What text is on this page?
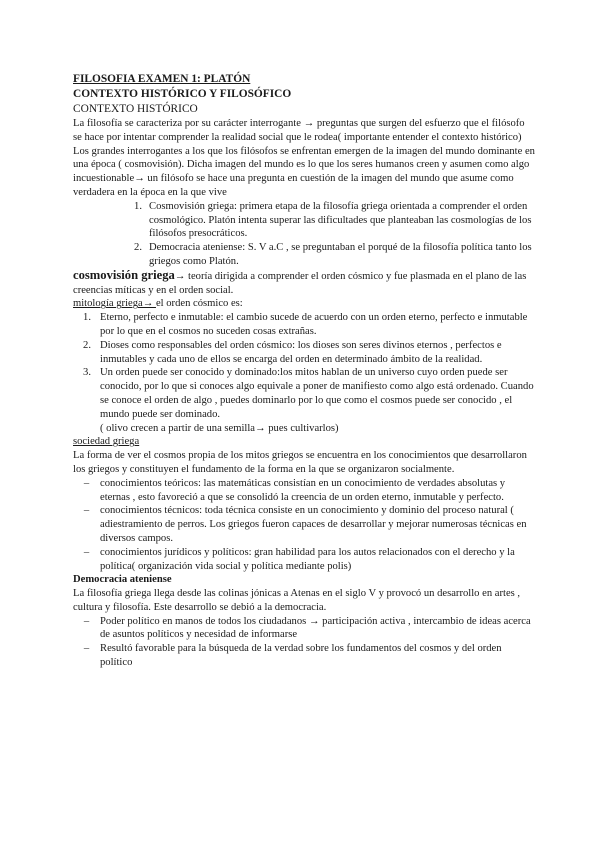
FILOSOFIA EXAMEN 1: PLATÓN

CONTEXTO HISTÓRICO Y FILOSÓFICO

CONTEXTO HISTÓRICO

La filosofía se caracteriza por su carácter interrogante → preguntas que surgen del esfuerzo que el filósofo se hace por intentar comprender la realidad social que le rodea( importante entender el contexto histórico)

Los grandes interrogantes a los que los filósofos se enfrentan emergen de la imagen del mundo dominante en una época ( cosmovisión). Dicha imagen del mundo es lo que los seres humanos creen y asumen como algo incuestionable→ un filósofo se hace una pregunta en cuestión de la imagen del mundo que asume como verdadera en la época en la que vive

1. Cosmovisión griega: primera etapa de la filosofía griega orientada a comprender el orden cosmológico. Platón intenta superar las dificultades que planteaban las cosmologías de los filósofos presocráticos.
2. Democracia ateniense: S. V a.C , se preguntaban el porqué de la filosofía política tanto los griegos como Platón.

cosmovisión griega→ teoría dirigida a comprender el orden cósmico y fue plasmada en el plano de las creencias míticas y en el orden social.

mitología griega→ el orden cósmico es:

1. Eterno, perfecto e inmutable: el cambio sucede de acuerdo con un orden eterno, perfecto e inmutable por lo que en el cosmos no suceden cosas extrañas.
2. Dioses como responsables del orden cósmico: los dioses son seres divinos eternos , perfectos e inmutables y cada uno de ellos se encarga del orden en determinado ámbito de la realidad.
3. Un orden puede ser conocido y dominado:los mitos hablan de un universo cuyo orden puede ser conocido, por lo que si conoces algo equivale a poner de manifiesto como algo está ordenado. Cuando se conoce el orden de algo , puedes dominarlo por lo que como el cosmos puede ser conocido , el mundo puede ser dominado.

( olivo crecen a partir de una semilla→ pues cultivarlos)

sociedad griega

La forma de ver el cosmos propia de los mitos griegos se encuentra en los conocimientos que desarrollaron los griegos y constituyen el fundamento de la forma en la que se organizaron socialmente.

–	conocimientos teóricos: las matemáticas consistían en un conocimiento de verdades absolutas y eternas , esto favoreció a que se consolidó la creencia de un orden eterno, inmutable y perfecto.
–	conocimientos técnicos: toda técnica consiste en un conocimiento y dominio del proceso natural ( adiestramiento de perros. Los griegos fueron capaces de desarrollar y mejorar numerosas técnicas en diversos campos.
–	conocimientos jurídicos y políticos: gran habilidad para los autos relacionados con el derecho y la política( organización vida social y política mediante polis)

Democracia ateniense

La filosofía griega llega desde las colinas jónicas a Atenas en el siglo V y provocó un desarrollo en artes , cultura y filosofía. Este desarrollo se debió a la democracia.

–	Poder político en manos de todos los ciudadanos → participación activa , intercambio de ideas acerca de asuntos políticos y necesidad de informarse
–	Resultó favorable para la búsqueda de la verdad sobre los fundamentos del cosmos y del orden político
